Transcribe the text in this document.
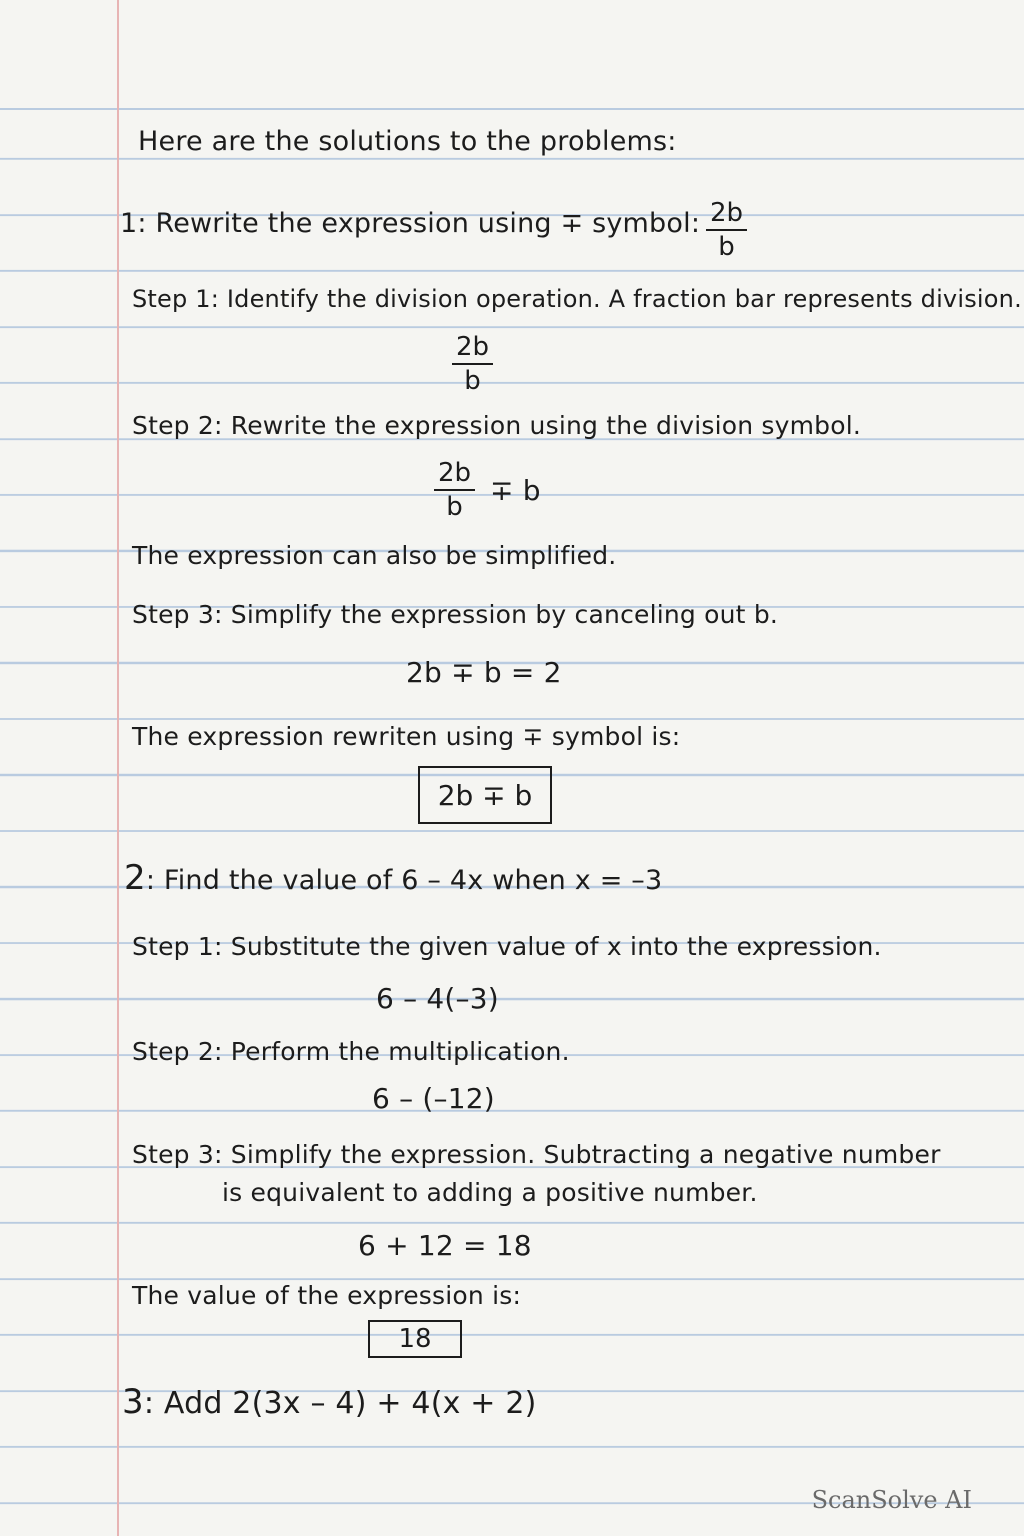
Here are the solutions to the problems:
1: Rewrite the expression using ∓ symbol: $\frac{2b}{b}$
Step 1: Identify the division operation. A fraction bar represents division.
$\frac{2b}{b}$
Step 2: Rewrite the expression using the division symbol.
$\frac{2b}{b} \mp b$
The expression can also be simplified.
Step 3: Simplify the expression by canceling out b.
2b ∓ b = 2
The expression rewriten using ∓ symbol is:
2b ∓ b
2: Find the value of 6 – 4x when x = –3
Step 1: Substitute the given value of x into the expression.
6 – 4(–3)
Step 2: Perform the multiplication.
6 – (–12)
Step 3: Simplify the expression. Subtracting a negative number
is equivalent to adding a positive number.
6 + 12 = 18
The value of the expression is:
18
3: Add 2(3x – 4) + 4(x + 2)
ScanSolve AI
